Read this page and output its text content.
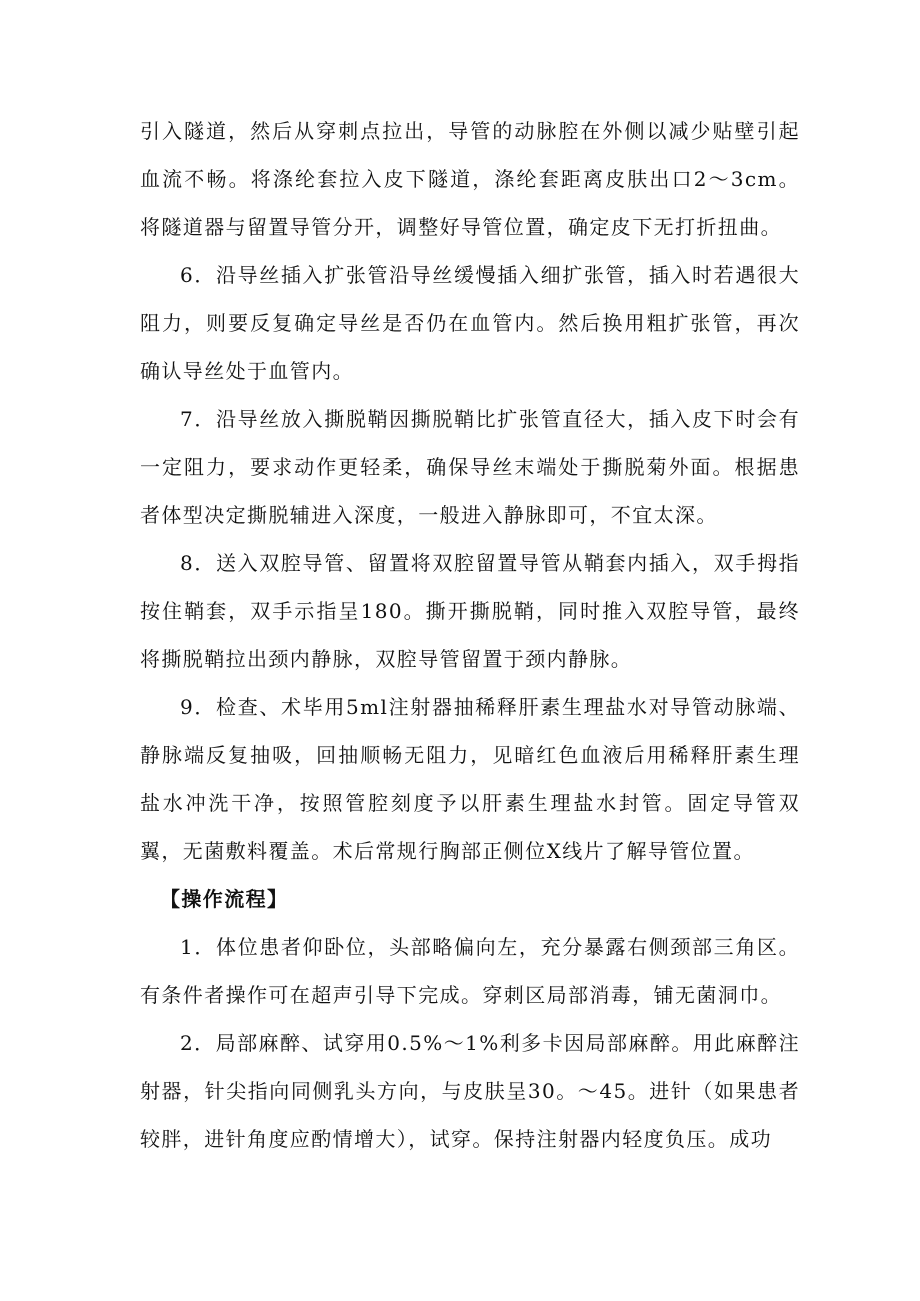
引入隧道，然后从穿刺点拉出，导管的动脉腔在外侧以减少贴壁引起血流不畅。将涤纶套拉入皮下隧道，涤纶套距离皮肤出口2～3cm。将隧道器与留置导管分开，调整好导管位置，确定皮下无打折扭曲。

6．沿导丝插入扩张管沿导丝缓慢插入细扩张管，插入时若遇很大阻力，则要反复确定导丝是否仍在血管内。然后换用粗扩张管，再次确认导丝处于血管内。

7．沿导丝放入撕脱鞘因撕脱鞘比扩张管直径大，插入皮下时会有一定阻力，要求动作更轻柔，确保导丝末端处于撕脱菊外面。根据患者体型决定撕脱辅进入深度，一般进入静脉即可，不宜太深。

8．送入双腔导管、留置将双腔留置导管从鞘套内插入，双手拇指按住鞘套，双手示指呈180。撕开撕脱鞘，同时推入双腔导管，最终将撕脱鞘拉出颈内静脉，双腔导管留置于颈内静脉。

9．检查、术毕用5ml注射器抽稀释肝素生理盐水对导管动脉端、静脉端反复抽吸，回抽顺畅无阻力，见暗红色血液后用稀释肝素生理盐水冲洗干净，按照管腔刻度予以肝素生理盐水封管。固定导管双翼，无菌敷料覆盖。术后常规行胸部正侧位X线片了解导管位置。

【操作流程】

1．体位患者仰卧位，头部略偏向左，充分暴露右侧颈部三角区。有条件者操作可在超声引导下完成。穿刺区局部消毒，铺无菌洞巾。

2．局部麻醉、试穿用0.5%～1%利多卡因局部麻醉。用此麻醉注射器，针尖指向同侧乳头方向，与皮肤呈30。～45。进针（如果患者较胖，进针角度应酌情增大），试穿。保持注射器内轻度负压。成功
